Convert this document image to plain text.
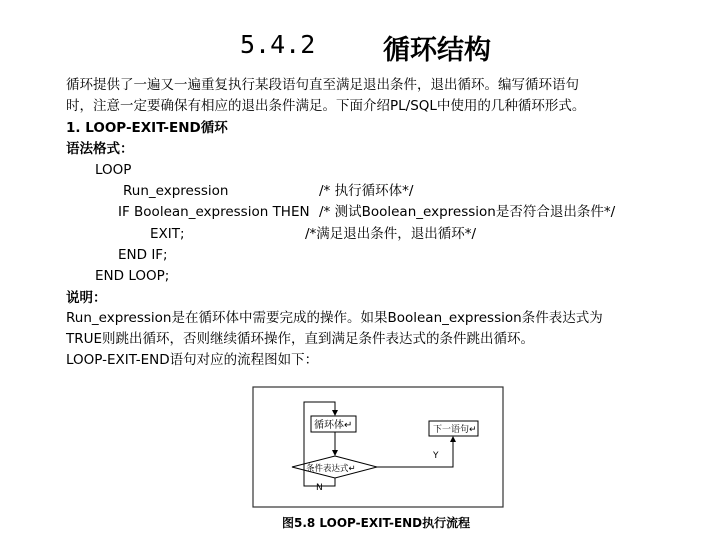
5.4.2	循环结构
循环提供了一遍又一遍重复执行某段语句直至满足退出条件，退出循环。编写循环语句
时，注意一定要确保有相应的退出条件满足。下面介绍PL/SQL中使用的几种循环形式。
1. LOOP-EXIT-END循环
语法格式：
LOOP
Run_expression	/* 执行循环体*/
IF Boolean_expression THEN /* 测试Boolean_expression是否符合退出条件*/
EXIT;	/*满足退出条件，退出循环*/
END IF;
END LOOP;
说明：
Run_expression是在循环体中需要完成的操作。如果Boolean_expression条件表达式为
TRUE则跳出循环，否则继续循环操作，直到满足条件表达式的条件跳出循环。
LOOP-EXIT-END语句对应的流程图如下：
循环体↵	下一语句↵
条件表达式↵
Y
N
图5.8 LOOP-EXIT-END执行流程
